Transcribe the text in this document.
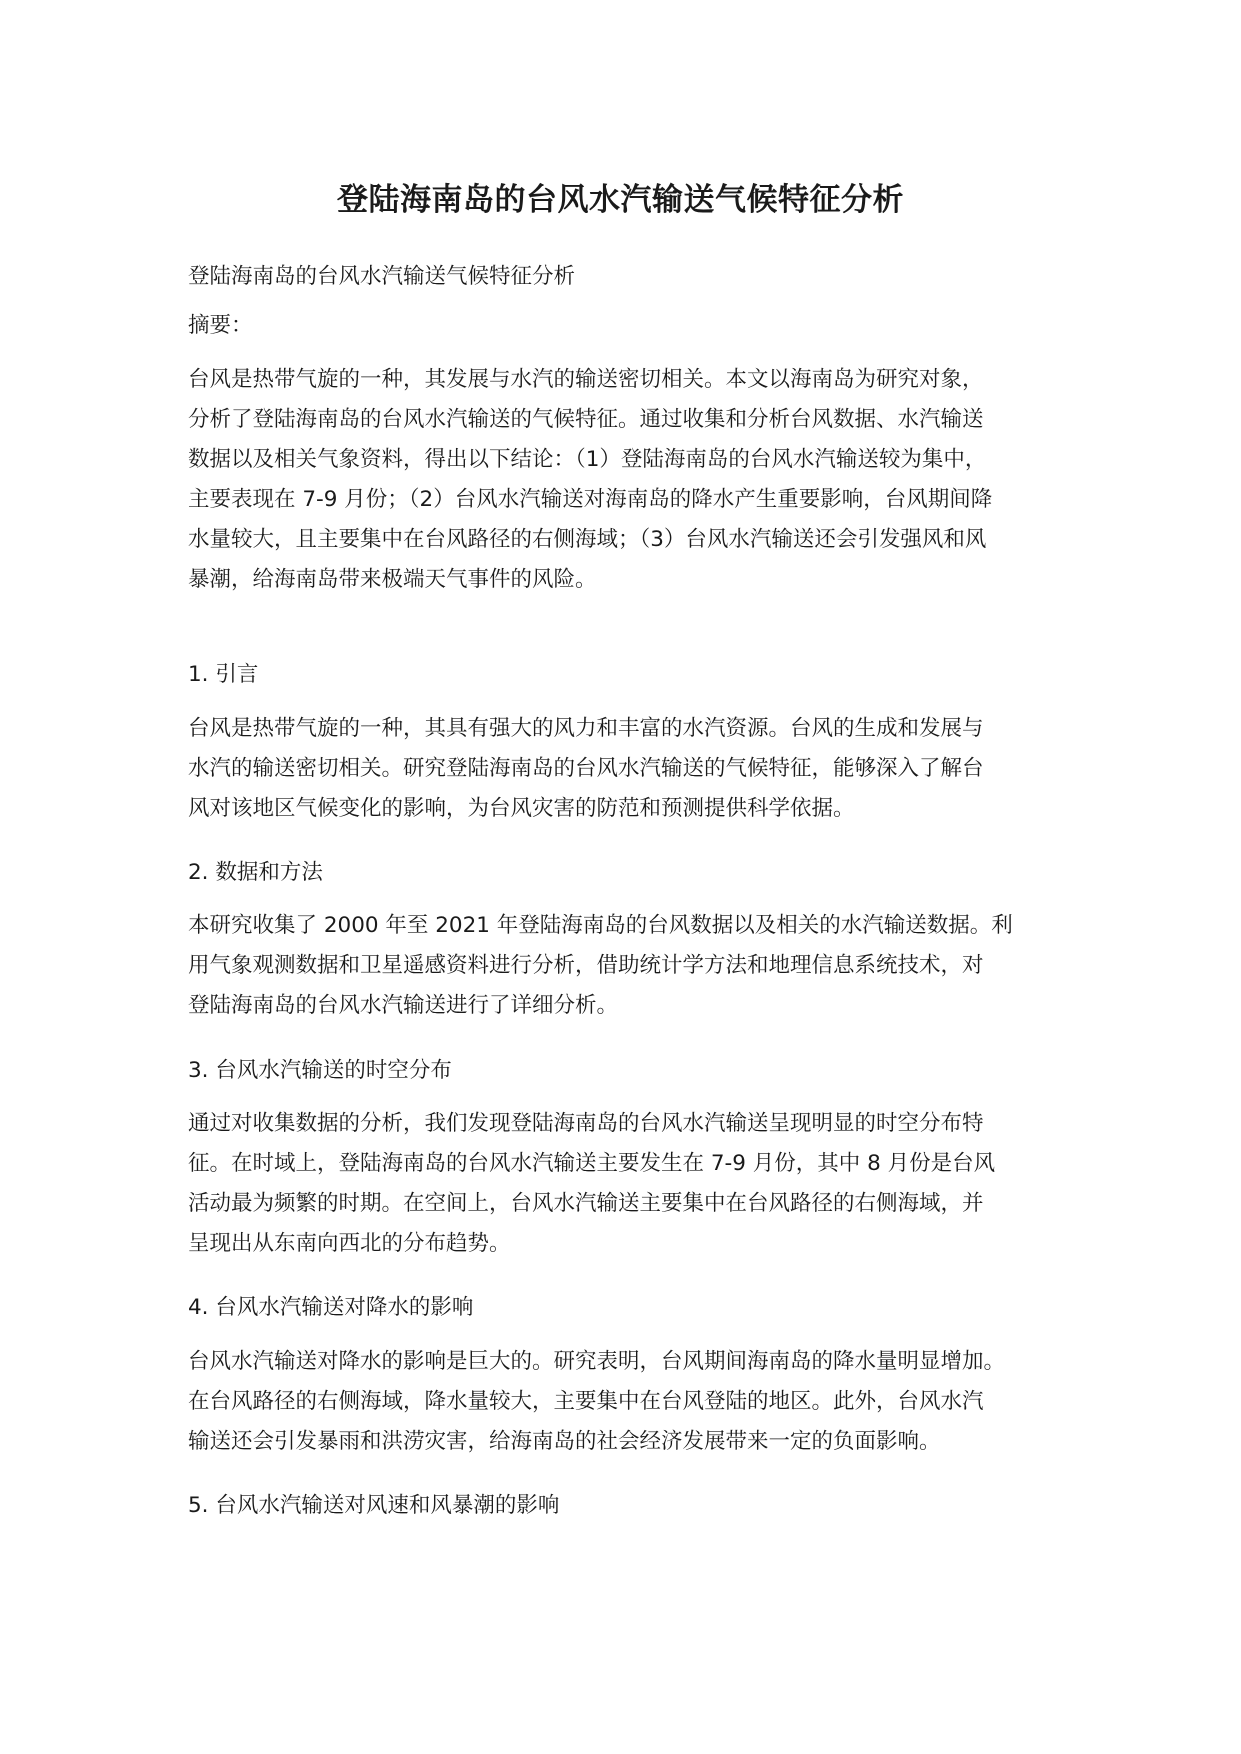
登陆海南岛的台风水汽输送气候特征分析
登陆海南岛的台风水汽输送气候特征分析
摘要：
台风是热带气旋的一种，其发展与水汽的输送密切相关。本文以海南岛为研究对象，
分析了登陆海南岛的台风水汽输送的气候特征。通过收集和分析台风数据、水汽输送
数据以及相关气象资料，得出以下结论：（1）登陆海南岛的台风水汽输送较为集中，
主要表现在 7-9 月份；（2）台风水汽输送对海南岛的降水产生重要影响，台风期间降
水量较大，且主要集中在台风路径的右侧海域；（3）台风水汽输送还会引发强风和风
暴潮，给海南岛带来极端天气事件的风险。
1. 引言
台风是热带气旋的一种，其具有强大的风力和丰富的水汽资源。台风的生成和发展与
水汽的输送密切相关。研究登陆海南岛的台风水汽输送的气候特征，能够深入了解台
风对该地区气候变化的影响，为台风灾害的防范和预测提供科学依据。
2. 数据和方法
本研究收集了 2000 年至 2021 年登陆海南岛的台风数据以及相关的水汽输送数据。利
用气象观测数据和卫星遥感资料进行分析，借助统计学方法和地理信息系统技术，对
登陆海南岛的台风水汽输送进行了详细分析。
3. 台风水汽输送的时空分布
通过对收集数据的分析，我们发现登陆海南岛的台风水汽输送呈现明显的时空分布特
征。在时域上，登陆海南岛的台风水汽输送主要发生在 7-9 月份，其中 8 月份是台风
活动最为频繁的时期。在空间上，台风水汽输送主要集中在台风路径的右侧海域，并
呈现出从东南向西北的分布趋势。
4. 台风水汽输送对降水的影响
台风水汽输送对降水的影响是巨大的。研究表明，台风期间海南岛的降水量明显增加。
在台风路径的右侧海域，降水量较大，主要集中在台风登陆的地区。此外，台风水汽
输送还会引发暴雨和洪涝灾害，给海南岛的社会经济发展带来一定的负面影响。
5. 台风水汽输送对风速和风暴潮的影响
